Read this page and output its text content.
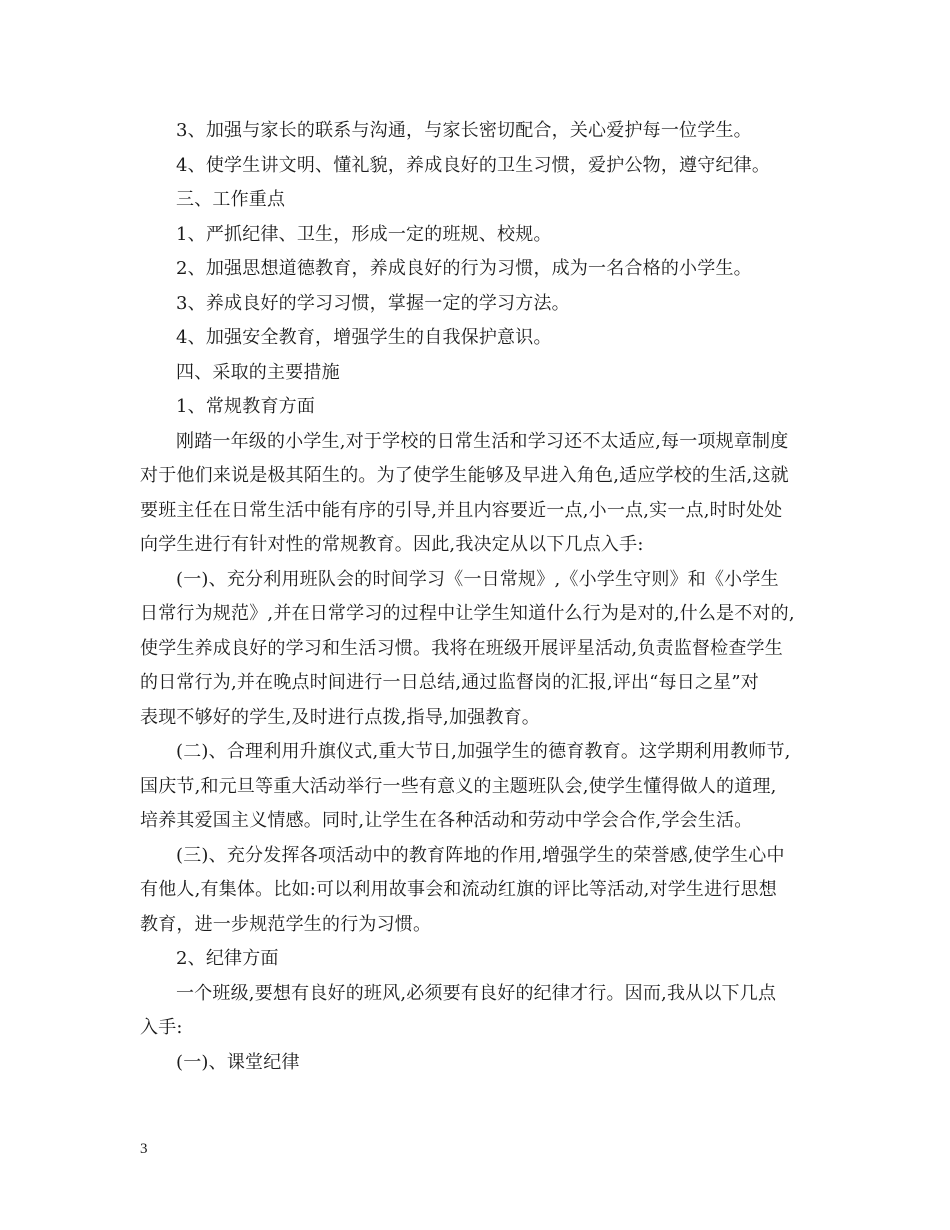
3、加强与家长的联系与沟通，与家长密切配合，关心爱护每一位学生。
4、使学生讲文明、懂礼貌，养成良好的卫生习惯，爱护公物，遵守纪律。
三、工作重点
1、严抓纪律、卫生，形成一定的班规、校规。
2、加强思想道德教育，养成良好的行为习惯，成为一名合格的小学生。
3、养成良好的学习习惯，掌握一定的学习方法。
4、加强安全教育，增强学生的自我保护意识。
四、采取的主要措施
1、常规教育方面
刚踏一年级的小学生,对于学校的日常生活和学习还不太适应,每一项规章制度
对于他们来说是极其陌生的。为了使学生能够及早进入角色,适应学校的生活,这就
要班主任在日常生活中能有序的引导,并且内容要近一点,小一点,实一点,时时处处
向学生进行有针对性的常规教育。因此,我决定从以下几点入手:
(一)、充分利用班队会的时间学习《一日常规》,《小学生守则》和《小学生
日常行为规范》,并在日常学习的过程中让学生知道什么行为是对的,什么是不对的,
使学生养成良好的学习和生活习惯。我将在班级开展评星活动,负责监督检查学生
的日常行为,并在晚点时间进行一日总结,通过监督岗的汇报,评出“每日之星”对
表现不够好的学生,及时进行点拨,指导,加强教育。
(二)、合理利用升旗仪式,重大节日,加强学生的德育教育。这学期利用教师节,
国庆节,和元旦等重大活动举行一些有意义的主题班队会,使学生懂得做人的道理,
培养其爱国主义情感。同时,让学生在各种活动和劳动中学会合作,学会生活。
(三)、充分发挥各项活动中的教育阵地的作用,增强学生的荣誉感,使学生心中
有他人,有集体。比如:可以利用故事会和流动红旗的评比等活动,对学生进行思想
教育，进一步规范学生的行为习惯。
2、纪律方面
一个班级,要想有良好的班风,必须要有良好的纪律才行。因而,我从以下几点
入手:
(一)、课堂纪律
3
